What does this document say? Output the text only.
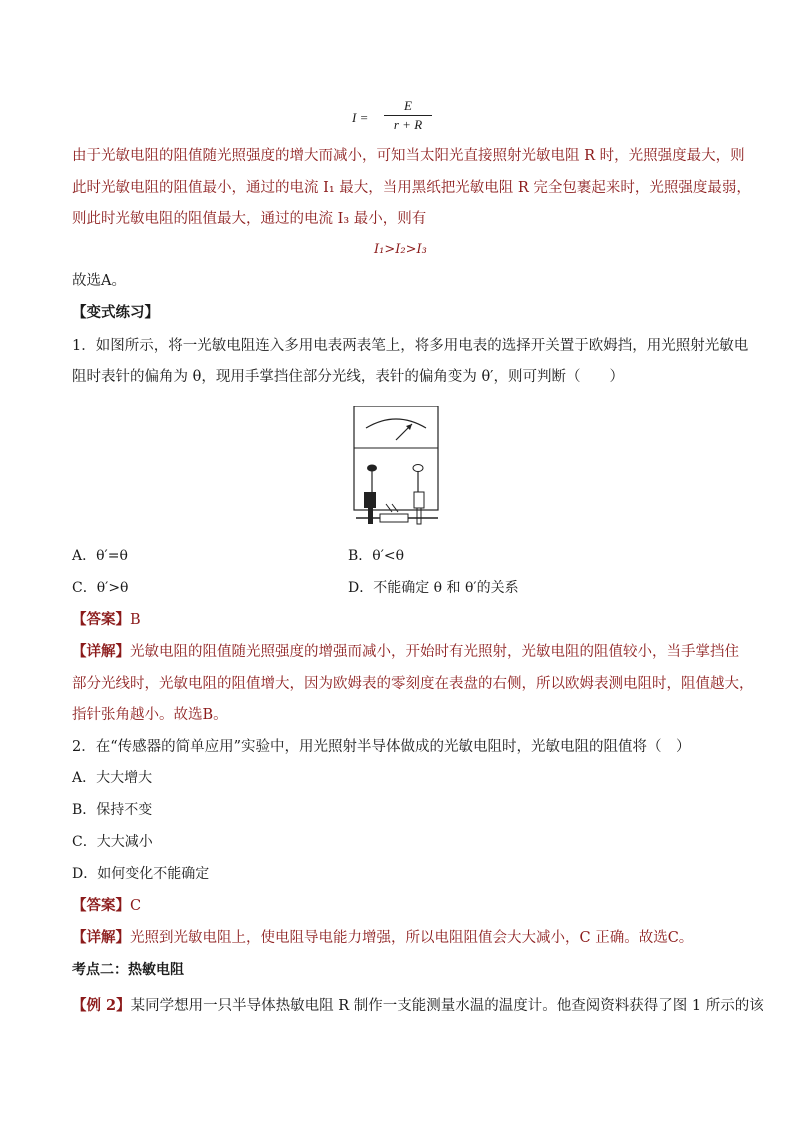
I =
E
r + R
由于光敏电阻的阻值随光照强度的增大而减小，可知当太阳光直接照射光敏电阻 R 时，光照强度最大，则
此时光敏电阻的阻值最小，通过的电流 I₁ 最大，当用黑纸把光敏电阻 R 完全包裹起来时，光照强度最弱，
则此时光敏电阻的阻值最大，通过的电流 I₃ 最小，则有
I₁>I₂>I₃
故选A。
【变式练习】
1．如图所示，将一光敏电阻连入多用电表两表笔上，将多用电表的选择开关置于欧姆挡，用光照射光敏电
阻时表针的偏角为 θ，现用手掌挡住部分光线，表针的偏角变为 θ′，则可判断（　　）
A．θ′=θ	B．θ′<θ
C．θ′>θ	D．不能确定 θ 和 θ′的关系
【答案】B
【详解】光敏电阻的阻值随光照强度的增强而减小，开始时有光照射，光敏电阻的阻值较小，当手掌挡住
部分光线时，光敏电阻的阻值增大，因为欧姆表的零刻度在表盘的右侧，所以欧姆表测电阻时，阻值越大，
指针张角越小。故选B。
2．在“传感器的简单应用”实验中，用光照射半导体做成的光敏电阻时，光敏电阻的阻值将（　）
A．大大增大
B．保持不变
C．大大减小
D．如何变化不能确定
【答案】C
【详解】光照到光敏电阻上，使电阻导电能力增强，所以电阻阻值会大大减小，C 正确。故选C。
考点二：热敏电阻
【例 2】某同学想用一只半导体热敏电阻 R 制作一支能测量水温的温度计。他查阅资料获得了图 1 所示的该
